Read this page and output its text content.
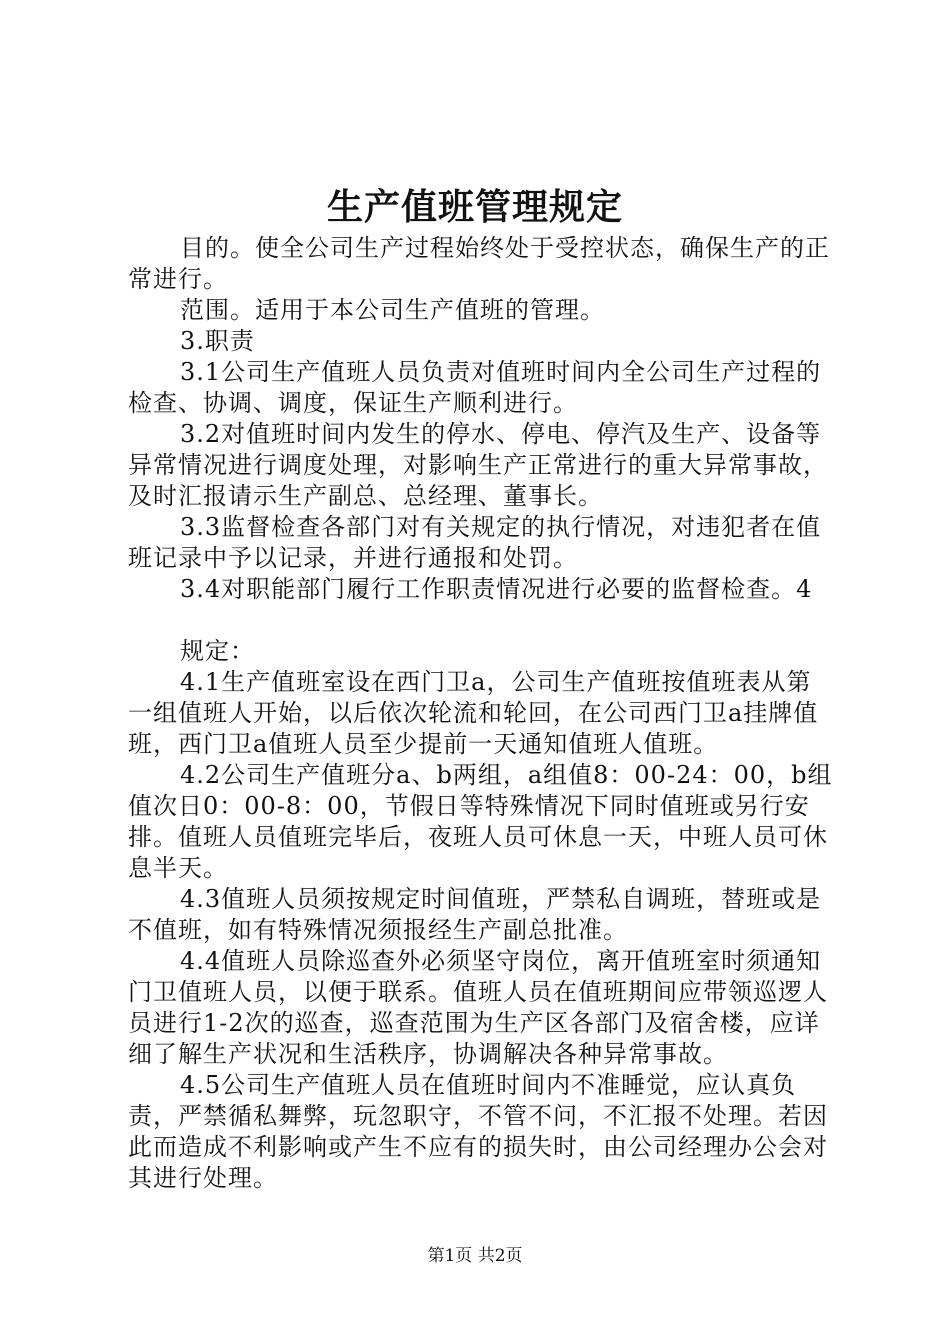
生产值班管理规定

目的。使全公司生产过程始终处于受控状态，确保生产的正常进行。

范围。适用于本公司生产值班的管理。

3.职责

3.1公司生产值班人员负责对值班时间内全公司生产过程的检查、协调、调度，保证生产顺利进行。

3.2对值班时间内发生的停水、停电、停汽及生产、设备等异常情况进行调度处理，对影响生产正常进行的重大异常事故，及时汇报请示生产副总、总经理、董事长。

3.3监督检查各部门对有关规定的执行情况，对违犯者在值班记录中予以记录，并进行通报和处罚。

3.4对职能部门履行工作职责情况进行必要的监督检查。4

规定：

4.1生产值班室设在西门卫a，公司生产值班按值班表从第一组值班人开始，以后依次轮流和轮回，在公司西门卫a挂牌值班，西门卫a值班人员至少提前一天通知值班人值班。

4.2公司生产值班分a、b两组，a组值8：00-24：00，b组值次日0：00-8：00，节假日等特殊情况下同时值班或另行安排。值班人员值班完毕后，夜班人员可休息一天，中班人员可休息半天。

4.3值班人员须按规定时间值班，严禁私自调班，替班或是不值班，如有特殊情况须报经生产副总批准。

4.4值班人员除巡查外必须坚守岗位，离开值班室时须通知门卫值班人员，以便于联系。值班人员在值班期间应带领巡逻人员进行1-2次的巡查，巡查范围为生产区各部门及宿舍楼，应详细了解生产状况和生活秩序，协调解决各种异常事故。

4.5公司生产值班人员在值班时间内不准睡觉，应认真负责，严禁循私舞弊，玩忽职守，不管不问，不汇报不处理。若因此而造成不利影响或产生不应有的损失时，由公司经理办公会对其进行处理。

第1页 共2页
